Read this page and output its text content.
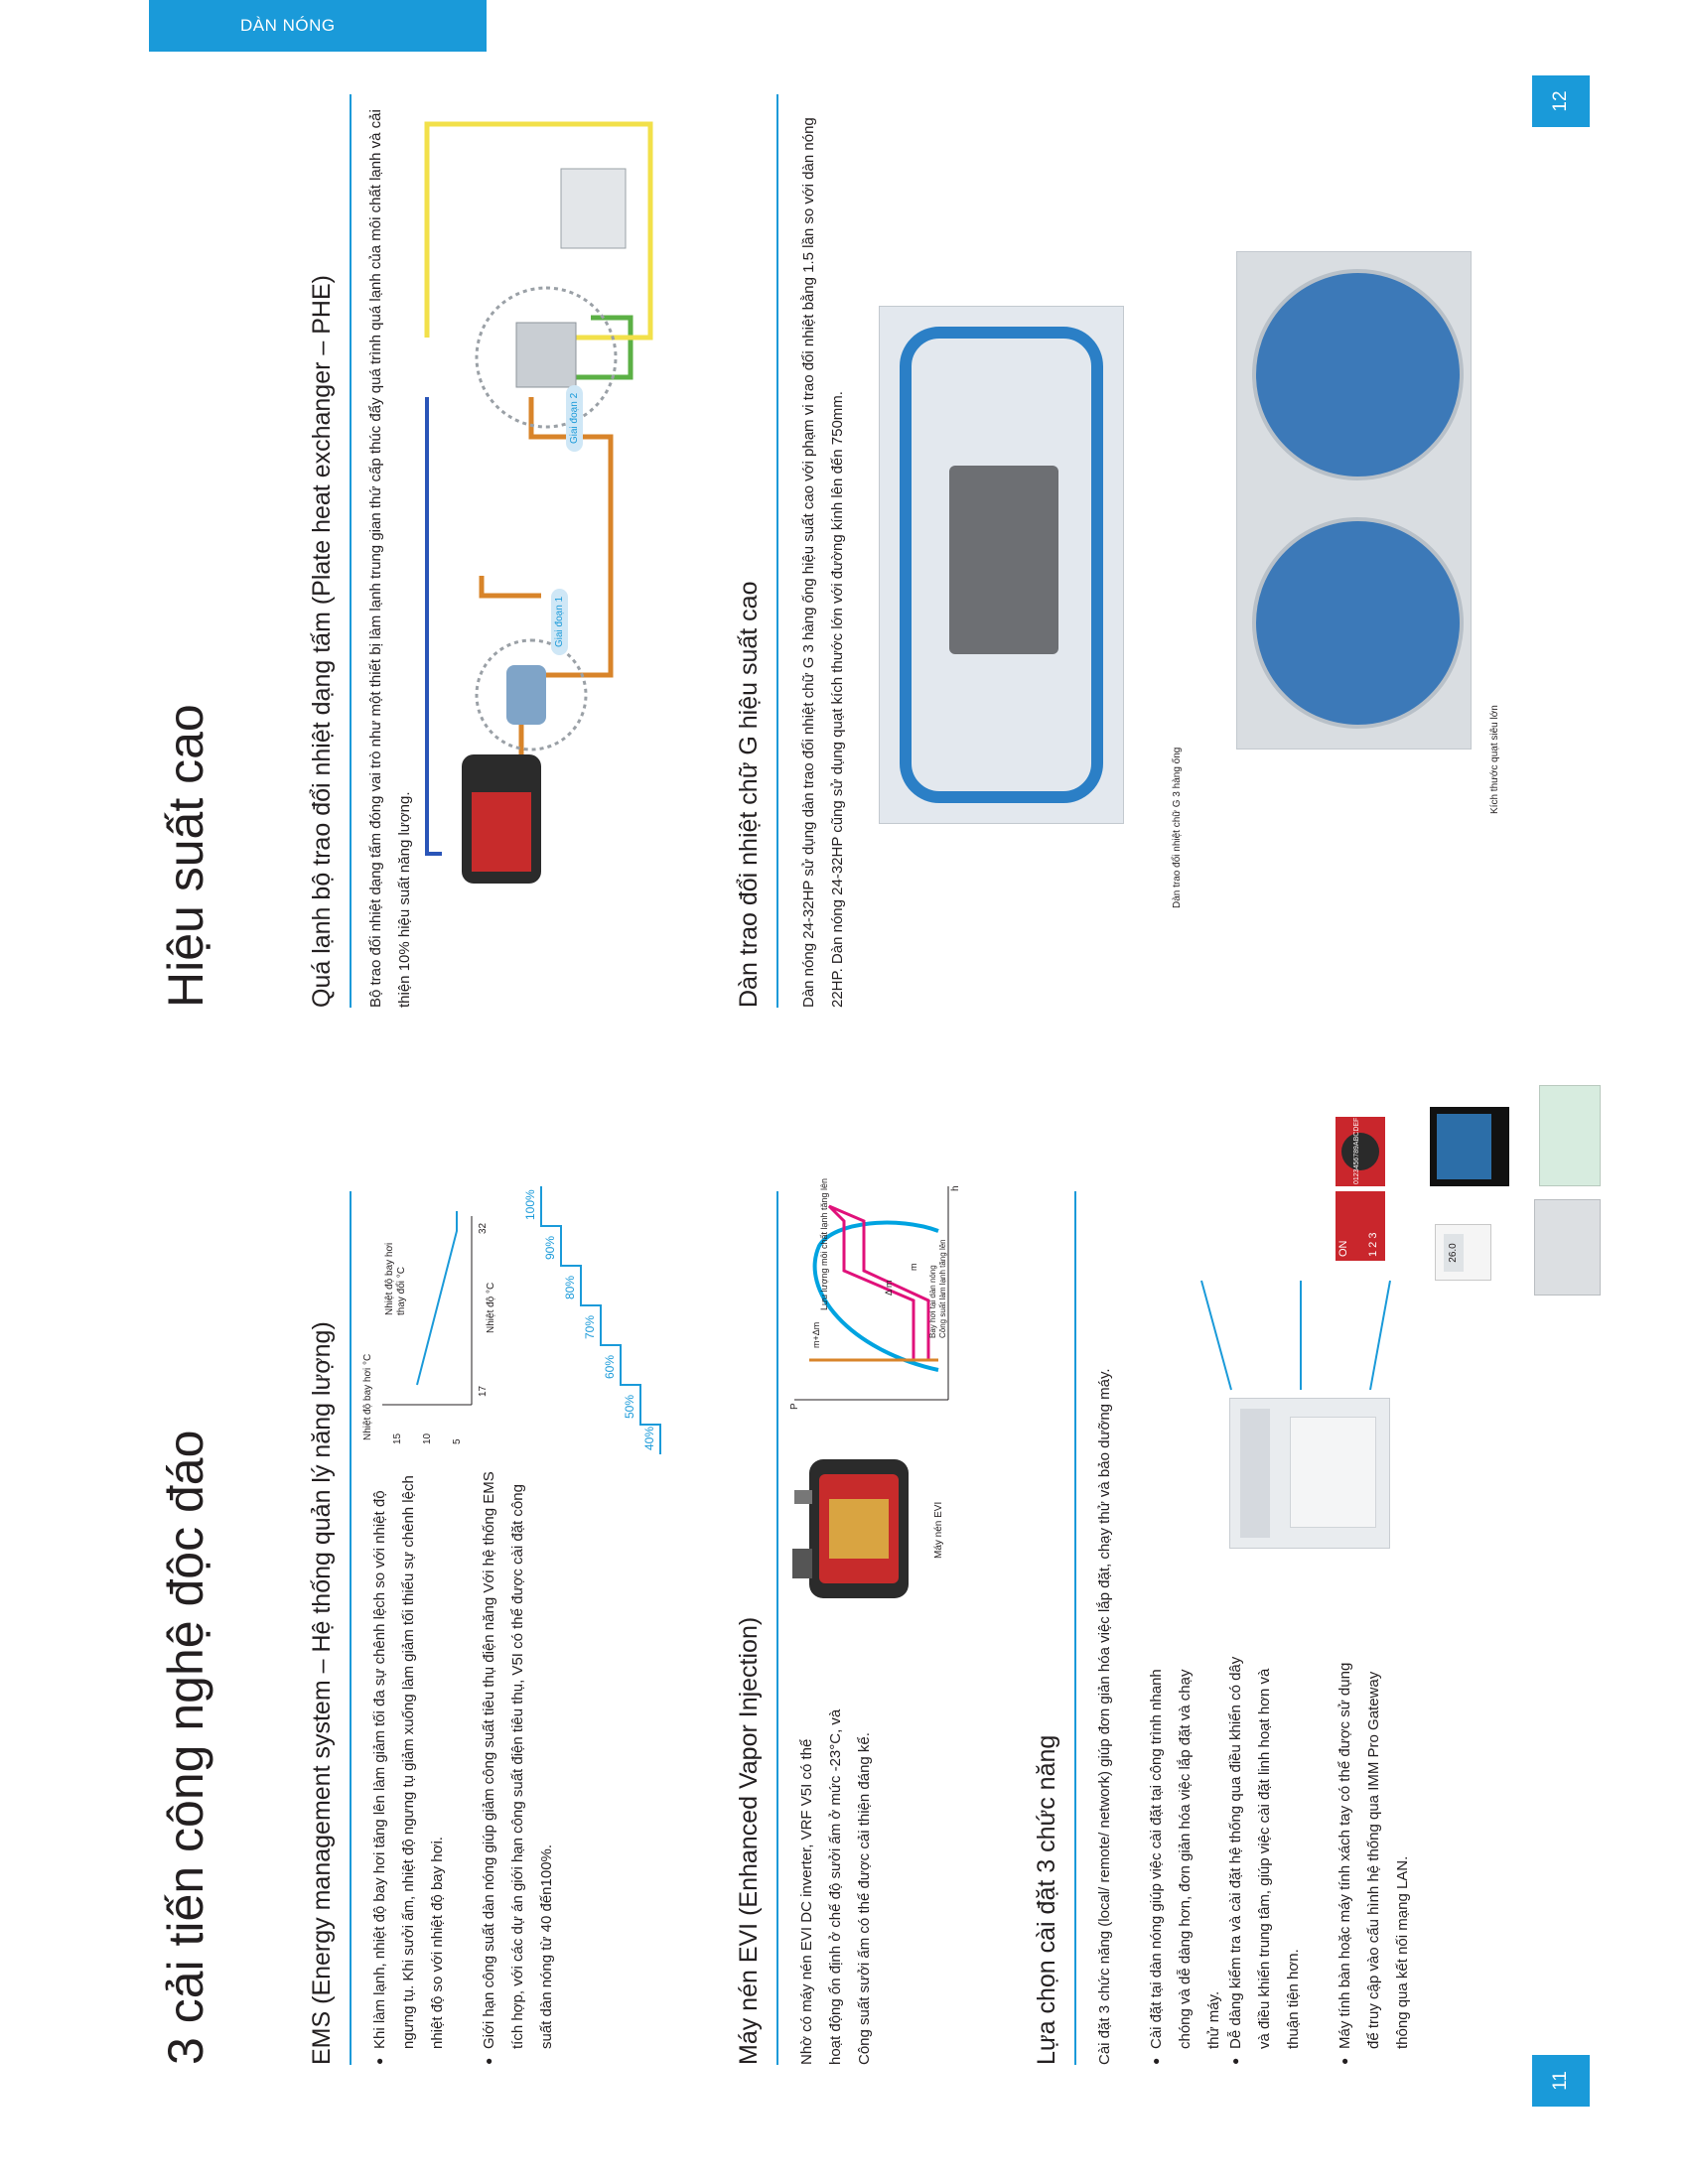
DÀN NÓNG
12
11
3 cải tiến công nghệ độc đáo	EMS (Energy management system – Hệ thống quản lý năng lượng)	● Khi làm lạnh, nhiệt độ bay hơi tăng lên làm giảm tối đa sự chênh lệch so với nhiệt độ ngưng tụ. Khi sưởi ấm, nhiệt độ ngưng tụ giảm xuống làm giảm tối thiểu sự chênh lệch nhiệt độ so với nhiệt độ bay hơi.	● Giới hạn công suất dàn nóng giúp giảm công suất tiêu thụ điện năng Với hệ thống EMS tích hợp, với các dự án giới hạn công suất điện tiêu thụ, V5I có thể được cài đặt công suất dàn nóng từ 40 đến100%.
15 10 5
Nhiệt độ bay hơi °C	17
32
Nhiệt độ °C
Nhiệt độ bay hơi thay đổi °C
40%
50%
60%
70%
80%
90%
100%
Máy nén EVI (Enhanced Vapor Injection)	Nhờ có máy nén EVI DC inverter, VRF V5I có thể hoạt động ổn định ở chế độ sưởi ấm ở mức -23°C, và Công suất sưởi ấm có thể được cải thiện đáng kể.
Máy nén EVI
P
h
Lưu lượng môi chất lạnh tăng lên
m+Δm
Δ m
m Bay hơi tại dàn nóng Công suất làm lạnh tăng lên
Lựa chọn cài đặt 3 chức năng	Cài đặt 3 chức năng (local/ remote/ network) giúp đơn giản hóa việc lắp đặt, chạy thử và bảo dưỡng máy.	● Cài đặt tại dàn nóng giúp việc cài đặt tại công trình nhanh chóng và dễ dàng hơn, đơn giản hóa việc lắp đặt và chạy thử máy. ● Dễ dàng kiểm tra và cài đặt hệ thống qua điều khiển có dây và điều khiển trung tâm, giúp việc cài đặt linh hoạt hơn và thuận tiện hơn.	● Máy tính bàn hoặc máy tính xách tay có thể được sử dụng để truy cập vào cấu hình hệ thống qua IMM Pro Gateway thông qua kết nối mạng LAN.
ON 1 2 3
0123456789ABCDEF
26.0
Hiệu suất cao	Quá lạnh bộ trao đổi nhiệt dạng tấm (Plate heat exchanger – PHE)	Bộ trao đổi nhiệt dạng tấm đóng vai trò như một thiết bị làm lạnh trung gian thứ cấp thúc đẩy quá trình quá lạnh của môi chất lạnh và cải thiện 10% hiệu suất năng lượng.
Giai đoạn 1
Giai đoạn 2
Dàn trao đổi nhiệt chữ G hiệu suất cao	Dàn nóng 24-32HP sử dụng dàn trao đổi nhiệt chữ G 3 hàng ống hiệu suất cao với phạm vi trao đổi nhiệt bằng 1.5 lần so với dàn nóng 22HP. Dàn nóng 24-32HP cũng sử dụng quạt kích thước lớn với đường kính lên đến 750mm.	Dàn trao đổi nhiệt chữ G 3 hàng ống	Kích thước quạt siêu lớn
